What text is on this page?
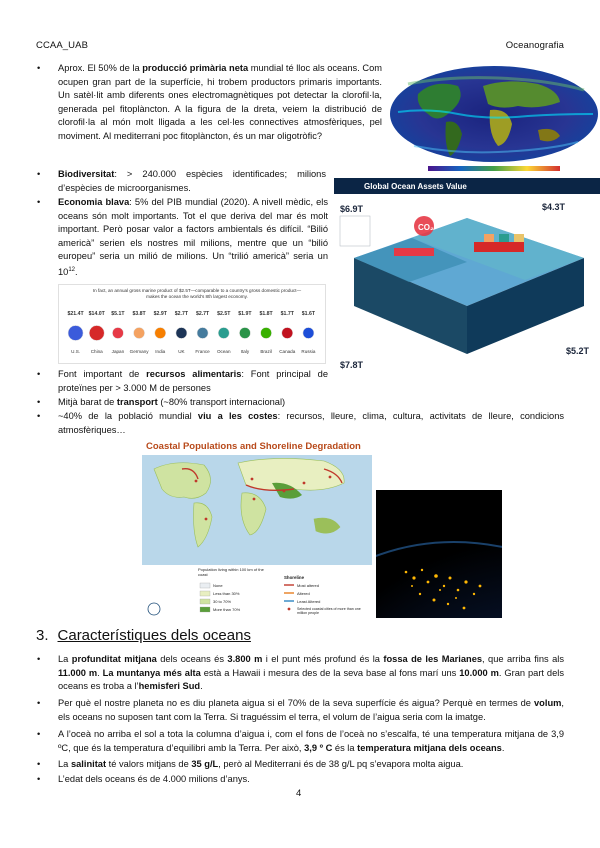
CCAA_UAB	Oceanografia
• Aprox. El 50% de la producció primària neta mundial té lloc als oceans. Com ocupen gran part de la superfície, hi trobem productors primaris importants. Un satèl·lit amb diferents ones electromagnètiques pot detectar la clorofil·la, generada pel fitoplàncton. A la figura de la dreta, veiem la distribució de clorofil·la al món molt lligada a les cel·les connectives atmosfèriques, pel moviment. Al mediterrani poc fitoplàncton, és un mar oligotròfic?
• Biodiversitat: > 240.000 espècies identificades; milions d’espècies de microorganismes.
• Economia blava: 5% del PIB mundial (2020). A nivell mèdic, els oceans són molt importants. Tot el que deriva del mar és molt important. Però posar valor a factors ambientals és difícil. “Bilió americà” serien els nostres mil milions, mentre que un “bilió europeu” seria un milió de milions. Un “trilió americà” seria un $10^{12}$.
Global Ocean Assets Value
CO₂
$6.9T	$4.3T
$5.2T
$7.8T
In fact, an annual gross marine product of $2.5T—comparable to a country's gross domestic product—makes the ocean the world's 8th largest economy.
$21.4T
U.S.
$14.0T
China
$5.1T
Japan
$3.8T
Germany
$2.9T
India
$2.7T
UK
$2.7T
France
$2.5T
Ocean
$1.9T
Italy
$1.8T
Brazil
$1.7T
Canada
$1.6T
Russia
• Font important de recursos alimentaris: Font principal de proteïnes per > 3.000 M de persones
• Mitjà barat de transport (~80% transport internacional)
• ~40% de la població mundial viu a les costes: recursos, lleure, clima, cultura, activitats de lleure, condicions atmosfèriques…
Coastal Populations and Shoreline Degradation
Population living within 100 km of the coast
None
Less than 30%
30 to 70%
More than 70%
Shoreline
Most altered
Altered
Least Altered
Selected coastal cities of more than one million people
3. Característiques dels oceans
• La profunditat mitjana dels oceans és 3.800 m i el punt més profund és la fossa de les Marianes, que arriba fins als 11.000 m. La muntanya més alta està a Hawaii i mesura des de la seva base al fons marí uns 10.000 m. Gran part dels oceans es troba a l’hemisferi Sud.
• Per què el nostre planeta no es diu planeta aigua si el 70% de la seva superfície és aigua? Perquè en termes de volum, els oceans no suposen tant com la Terra. Si traguéssim el terra, el volum de l’aigua seria com la imatge.
• A l’oceà no arriba el sol a tota la columna d’aigua i, com el fons de l’oceà no s’escalfa, té una temperatura mitjana de 3,9 ºC, que és la temperatura d’equilibri amb la Terra. Per això, 3,9 º C és la temperatura mitjana dels oceans.
• La salinitat té valors mitjans de 35 g/L, però al Mediterrani és de 38 g/L pq s’evapora molta aigua.
• L’edat dels oceans és de 4.000 milions d’anys.
4
